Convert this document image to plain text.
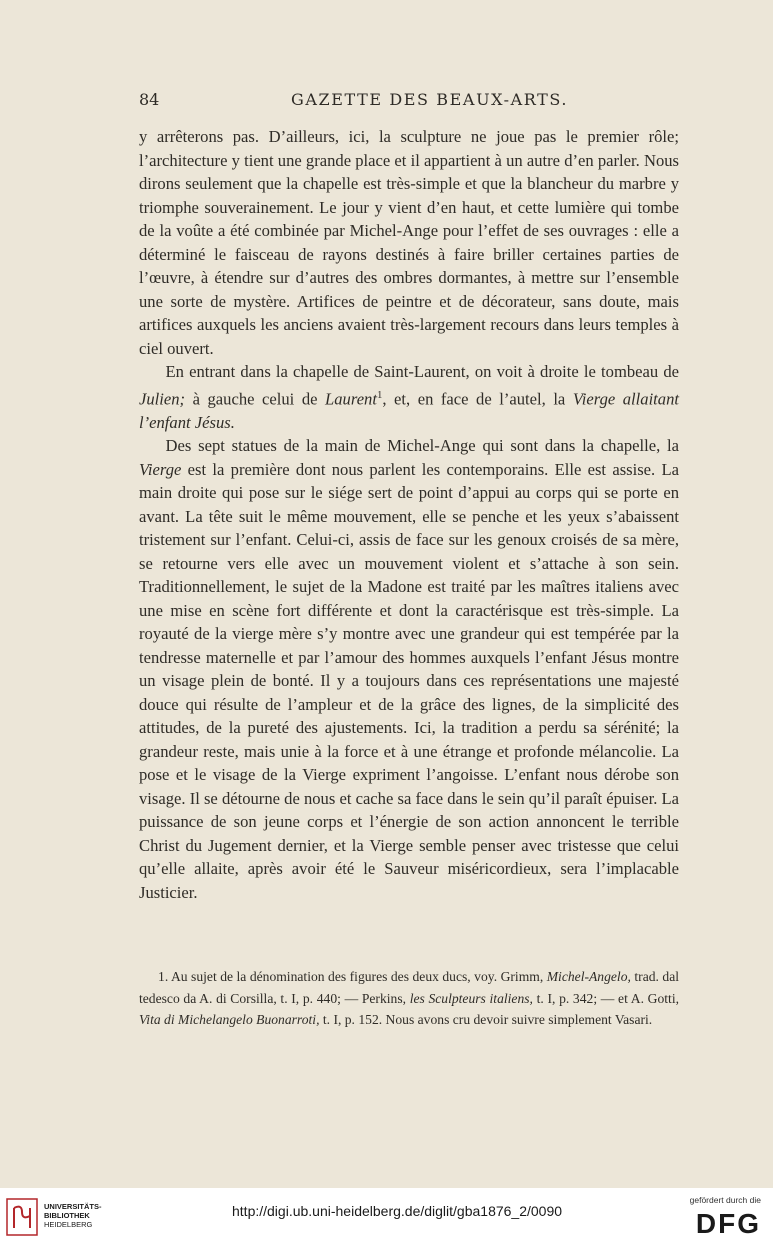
84	GAZETTE DES BEAUX-ARTS.

y arrêterons pas. D’ailleurs, ici, la sculpture ne joue pas le premier rôle; l’architecture y tient une grande place et il appartient à un autre d’en parler. Nous dirons seulement que la chapelle est très-simple et que la blancheur du marbre y triomphe souverainement. Le jour y vient d’en haut, et cette lumière qui tombe de la voûte a été combinée par Michel-Ange pour l’effet de ses ouvrages : elle a déterminé le faisceau de rayons destinés à faire briller certaines parties de l’œuvre, à étendre sur d’autres des ombres dormantes, à mettre sur l’ensemble une sorte de mystère. Artifices de peintre et de décorateur, sans doute, mais artifices auxquels les anciens avaient très-largement recours dans leurs temples à ciel ouvert.

En entrant dans la chapelle de Saint-Laurent, on voit à droite le tombeau de Julien; à gauche celui de Laurent$^1$, et, en face de l’autel, la Vierge allaitant l’enfant Jésus.

Des sept statues de la main de Michel-Ange qui sont dans la chapelle, la Vierge est la première dont nous parlent les contemporains. Elle est assise. La main droite qui pose sur le siége sert de point d’appui au corps qui se porte en avant. La tête suit le même mouvement, elle se penche et les yeux s’abaissent tristement sur l’enfant. Celui-ci, assis de face sur les genoux croisés de sa mère, se retourne vers elle avec un mouvement violent et s’attache à son sein. Traditionnellement, le sujet de la Madone est traité par les maîtres italiens avec une mise en scène fort différente et dont la caractérisque est très-simple. La royauté de la vierge mère s’y montre avec une grandeur qui est tempérée par la tendresse maternelle et par l’amour des hommes auxquels l’enfant Jésus montre un visage plein de bonté. Il y a toujours dans ces représentations une majesté douce qui résulte de l’ampleur et de la grâce des lignes, de la simplicité des attitudes, de la pureté des ajustements. Ici, la tradition a perdu sa sérénité; la grandeur reste, mais unie à la force et à une étrange et profonde mélancolie. La pose et le visage de la Vierge expriment l’angoisse. L’enfant nous dérobe son visage. Il se détourne de nous et cache sa face dans le sein qu’il paraît épuiser. La puissance de son jeune corps et l’énergie de son action annoncent le terrible Christ du Jugement dernier, et la Vierge semble penser avec tristesse que celui qu’elle allaite, après avoir été le Sauveur miséricordieux, sera l’implacable Justicier.

1. Au sujet de la dénomination des figures des deux ducs, voy. Grimm, Michel-Angelo, trad. dal tedesco da A. di Corsilla, t. I, p. 440; — Perkins, les Sculpteurs italiens, t. I, p. 342; — et A. Gotti, Vita di Michelangelo Buonarroti, t. I, p. 152. Nous avons cru devoir suivre simplement Vasari.

UNIVERSITÄTS-
BIBLIOTHEK
HEIDELBERG
http://digi.ub.uni-heidelberg.de/diglit/gba1876_2/0090
gefördert durch die
DFG
